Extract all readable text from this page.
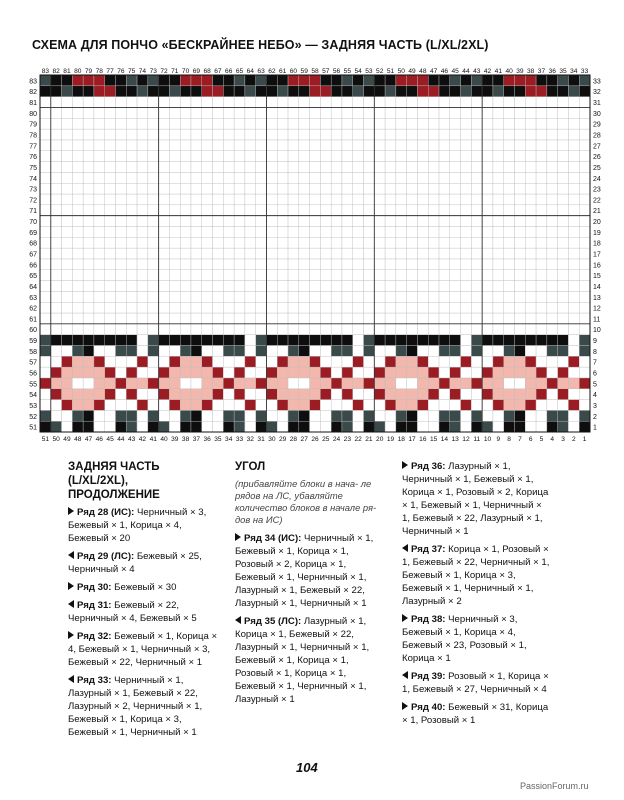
СХЕМА ДЛЯ ПОНЧО «БЕСКРАЙНЕЕ НЕБО» — ЗАДНЯЯ ЧАСТЬ (L/XL/2XL)
51	1
52	2
53	3
54	4
55	5
56	6
57	7
58	8
59	9
60	10
61	11
62	12
63	13
64	14
65	15
66	16
67	17
68	18
69	19
70	20
71	21
72	22
73	23
74	24
75	25
76	26
77	27
78	28
79	29
80	30
81	31
82	32
83	33
83
51
82
50
81
49
80
48
79
47
78
46
77
45
76
44
75
43
74
42
73
41
72
40
71
39
70
38
69
37
68
36
67
35
66
34
65
33
64
32
63
31
62
30
61
29
60
28
59
27
58
26
57
25
56
24
55
23
54
22
53
21
52
20
51
19
50
18
49
17
48
16
47
15
46
14
45
13
44
12
43
11
42
10
41
9
40
8
39
7
38
6
37
5
36
4
35
3
34
2
33
1
ЗАДНЯЯ ЧАСТЬ (L/XL/2XL),
ПРОДОЛЖЕНИЕ
Ряд 28 (ИС): Черничный × 3, Бежевый × 1, Корица × 4, Бежевый × 20
Ряд 29 (ЛС): Бежевый × 25, Черничный × 4
Ряд 30: Бежевый × 30
Ряд 31: Бежевый × 22, Черничный × 4, Бежевый × 5
Ряд 32: Бежевый × 1, Корица × 4, Бежевый × 1, Черничный × 3, Бежевый × 22, Черничный × 1
Ряд 33: Черничный × 1, Лазурный × 1, Бежевый × 22, Лазурный × 2, Черничный × 1, Бежевый × 1, Корица × 3, Бежевый × 1, Черничный × 1
УГОЛ
(прибавляйте блоки в нача- ле рядов на ЛС, убавляйте количество блоков в начале ря- дов на ИС)
Ряд 34 (ИС): Черничный × 1, Бежевый × 1, Корица × 1, Розовый × 2, Корица × 1, Бежевый × 1, Черничный × 1, Лазурный × 1, Бежевый × 22, Лазурный × 1, Черничный × 1
Ряд 35 (ЛС): Лазурный × 1, Корица × 1, Бежевый × 22, Лазурный × 1, Черничный × 1, Бежевый × 1, Корица × 1, Розовый × 1, Корица × 1, Бежевый × 1, Черничный × 1, Лазурный × 1
Ряд 36: Лазурный × 1, Черничный × 1, Бежевый × 1, Корица × 1, Розовый × 2, Корица × 1, Бежевый × 1, Черничный × 1, Бежевый × 22, Лазурный × 1, Черничный × 1
Ряд 37: Корица × 1, Розовый × 1, Бежевый × 22, Черничный × 1, Бежевый × 1, Корица × 3, Бежевый × 1, Черничный × 1, Лазурный × 2
Ряд 38: Черничный × 3, Бежевый × 1, Корица × 4, Бежевый × 23, Розовый × 1, Корица × 1
Ряд 39: Розовый × 1, Корица × 1, Бежевый × 27, Черничный × 4
Ряд 40: Бежевый × 31, Корица × 1, Розовый × 1
104
PassionForum.ru
